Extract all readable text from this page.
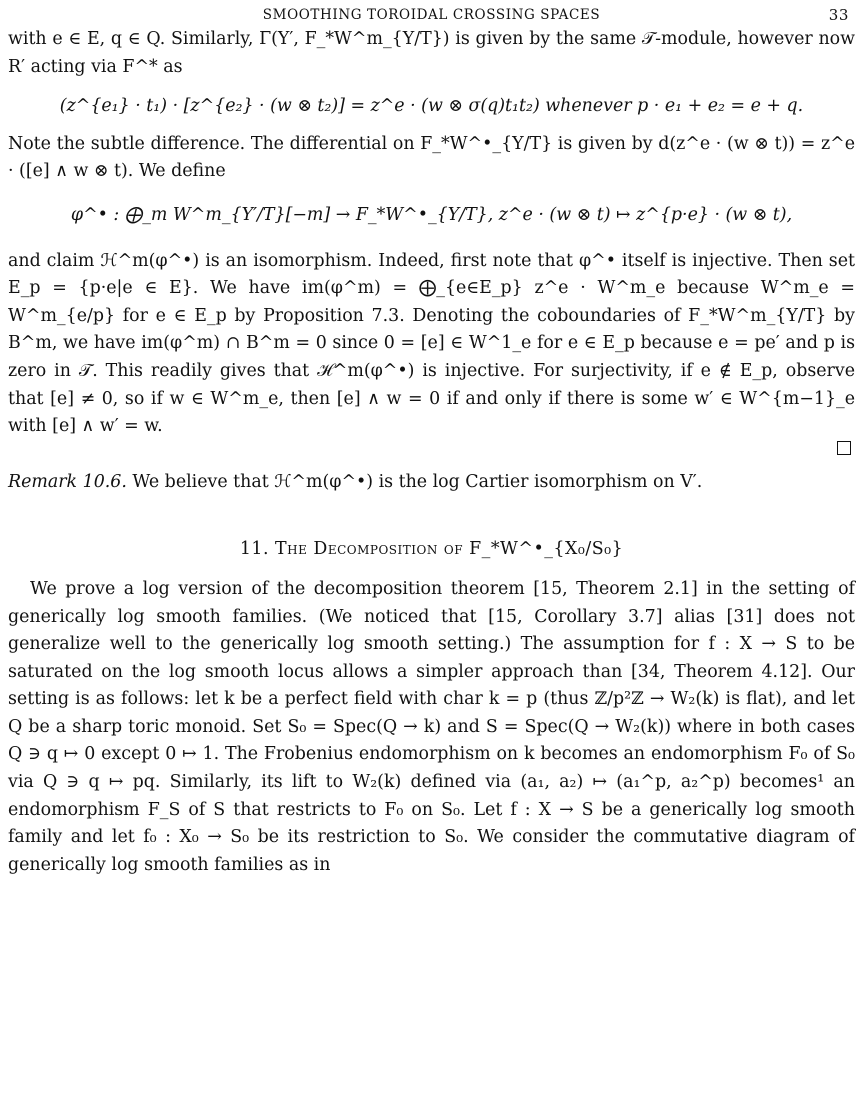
SMOOTHING TOROIDAL CROSSING SPACES	33

with e ∈ E, q ∈ Q. Similarly, Γ(Y′, F_*W^m_{Y/T}) is given by the same 𝒯-module, however now R′ acting via F^* as

(z^{e₁} · t₁) · [z^{e₂} · (w ⊗ t₂)] = z^e · (w ⊗ σ(q)t₁t₂) whenever p · e₁ + e₂ = e + q.

Note the subtle difference. The differential on F_*W^•_{Y/T} is given by d(z^e · (w ⊗ t)) = z^e · ([e] ∧ w ⊗ t). We define

φ^• : ⨁_m W^m_{Y′/T}[−m] → F_*W^•_{Y/T}, z^e · (w ⊗ t) ↦ z^{p·e} · (w ⊗ t),

and claim ℋ^m(φ^•) is an isomorphism. Indeed, first note that φ^• itself is injective. Then set E_p = {p·e|e ∈ E}. We have im(φ^m) = ⨁_{e∈E_p} z^e · W^m_e because W^m_e = W^m_{e/p} for e ∈ E_p by Proposition 7.3. Denoting the coboundaries of F_*W^m_{Y/T} by B^m, we have im(φ^m) ∩ B^m = 0 since 0 = [e] ∈ W^1_e for e ∈ E_p because e = pe′ and p is zero in 𝒯. This readily gives that ℋ^m(φ^•) is injective. For surjectivity, if e ∉ E_p, observe that [e] ≠ 0, so if w ∈ W^m_e, then [e] ∧ w = 0 if and only if there is some w′ ∈ W^{m−1}_e with [e] ∧ w′ = w.

Remark 10.6. We believe that ℋ^m(φ^•) is the log Cartier isomorphism on V′.

11. The Decomposition of F_*W^•_{X₀/S₀}

We prove a log version of the decomposition theorem [15, Theorem 2.1] in the setting of generically log smooth families. (We noticed that [15, Corollary 3.7] alias [31] does not generalize well to the generically log smooth setting.) The assumption for f : X → S to be saturated on the log smooth locus allows a simpler approach than [34, Theorem 4.12]. Our setting is as follows: let k be a perfect field with char k = p (thus ℤ/p²ℤ → W₂(k) is flat), and let Q be a sharp toric monoid. Set S₀ = Spec(Q → k) and S = Spec(Q → W₂(k)) where in both cases Q ∋ q ↦ 0 except 0 ↦ 1. The Frobenius endomorphism on k becomes an endomorphism F₀ of S₀ via Q ∋ q ↦ pq. Similarly, its lift to W₂(k) defined via (a₁, a₂) ↦ (a₁^p, a₂^p) becomes¹ an endomorphism F_S of S that restricts to F₀ on S₀. Let f : X → S be a generically log smooth family and let f₀ : X₀ → S₀ be its restriction to S₀. We consider the commutative diagram of generically log smooth families as in
